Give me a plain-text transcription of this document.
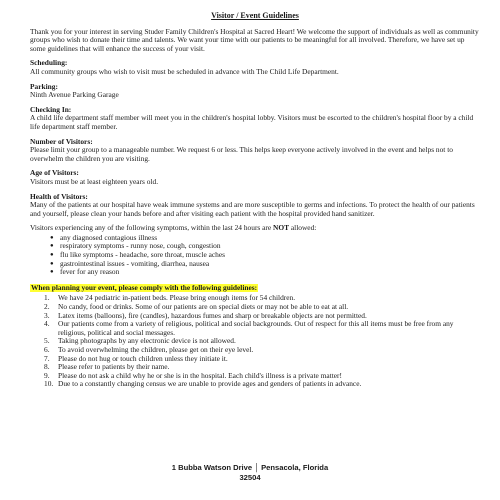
Visitor / Event Guidelines

Thank you for your interest in serving Studer Family Children's Hospital at Sacred Heart! We welcome the support of individuals as well as community groups who wish to donate their time and talents. We want your time with our patients to be meaningful for all involved. Therefore, we have set up some guidelines that will enhance the success of your visit.

Scheduling:
All community groups who wish to visit must be scheduled in advance with The Child Life Department.

Parking:
Ninth Avenue Parking Garage

Checking In:
A child life department staff member will meet you in the children's hospital lobby. Visitors must be escorted to the children's hospital floor by a child life department staff member.

Number of Visitors:
Please limit your group to a manageable number. We request 6 or less. This helps keep everyone actively involved in the event and helps not to overwhelm the children you are visiting.

Age of Visitors:
Visitors must be at least eighteen years old.

Health of Visitors:
Many of the patients at our hospital have weak immune systems and are more susceptible to germs and infections. To protect the health of our patients and yourself, please clean your hands before and after visiting each patient with the hospital provided hand sanitizer.

Visitors experiencing any of the following symptoms, within the last 24 hours are NOT allowed:

● any diagnosed contagious illness
● respiratory symptoms - runny nose, cough, congestion
● flu like symptoms - headache, sore throat, muscle aches
● gastrointestinal issues - vomiting, diarrhea, nausea
● fever for any reason
When planning your event, please comply with the following guidelines:
1.	We have 24 pediatric in-patient beds. Please bring enough items for 54 children.
2.	No candy, food or drinks. Some of our patients are on special diets or may not be able to eat at all.
3.	Latex items (balloons), fire (candles), hazardous fumes and sharp or breakable objects are not permitted.
4.	Our patients come from a variety of religious, political and social backgrounds. Out of respect for this all items must be free from any religious, political and social messages.
5.	Taking photographs by any electronic device is not allowed.
6.	To avoid overwhelming the children, please get on their eye level.
7.	Please do not hug or touch children unless they initiate it.
8.	Please refer to patients by their name.
9.	Please do not ask a child why he or she is in the hospital. Each child's illness is a private matter!
10. Due to a constantly changing census we are unable to provide ages and genders of patients in advance.
1 Bubba Watson Drive │ Pensacola, Florida
32504
